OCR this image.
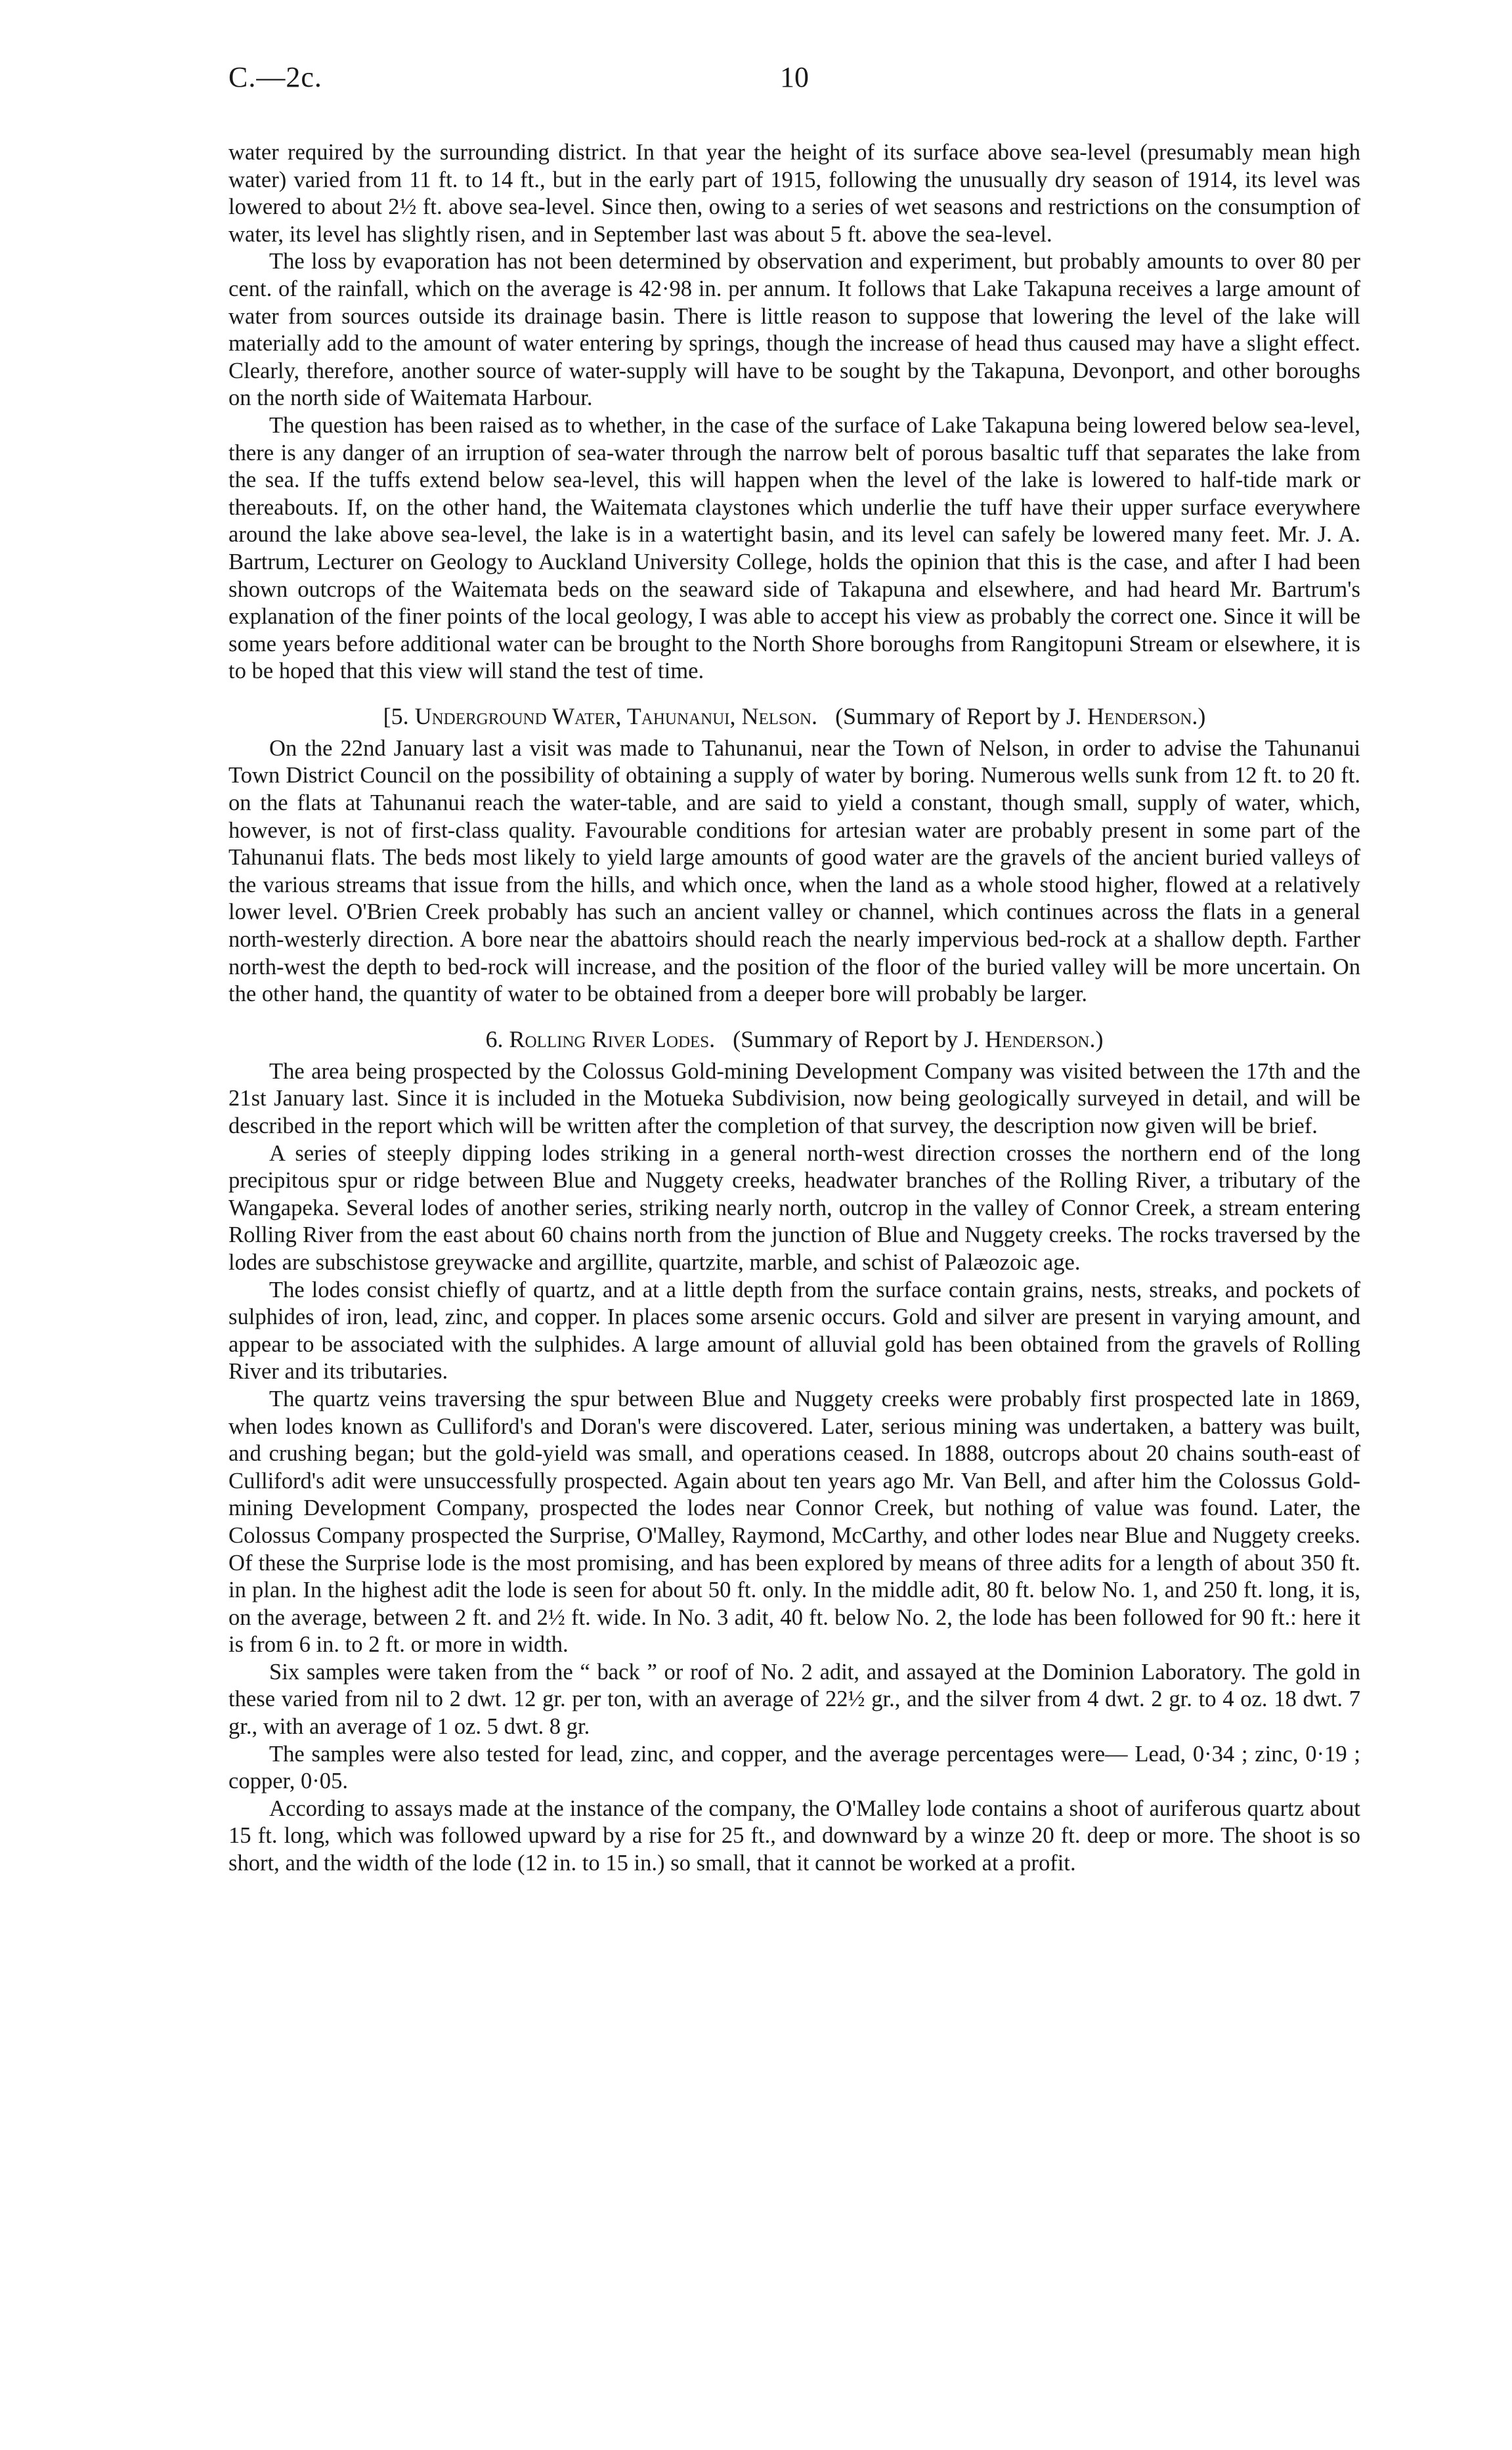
C.—2c.	10

water required by the surrounding district. In that year the height of its surface above sea-level (presumably mean high water) varied from 11 ft. to 14 ft., but in the early part of 1915, following the unusually dry season of 1914, its level was lowered to about 2½ ft. above sea-level. Since then, owing to a series of wet seasons and restrictions on the consumption of water, its level has slightly risen, and in September last was about 5 ft. above the sea-level.

The loss by evaporation has not been determined by observation and experiment, but probably amounts to over 80 per cent. of the rainfall, which on the average is 42·98 in. per annum. It follows that Lake Takapuna receives a large amount of water from sources outside its drainage basin. There is little reason to suppose that lowering the level of the lake will materially add to the amount of water entering by springs, though the increase of head thus caused may have a slight effect. Clearly, therefore, another source of water-supply will have to be sought by the Takapuna, Devonport, and other boroughs on the north side of Waitemata Harbour.

The question has been raised as to whether, in the case of the surface of Lake Takapuna being lowered below sea-level, there is any danger of an irruption of sea-water through the narrow belt of porous basaltic tuff that separates the lake from the sea. If the tuffs extend below sea-level, this will happen when the level of the lake is lowered to half-tide mark or thereabouts. If, on the other hand, the Waitemata claystones which underlie the tuff have their upper surface everywhere around the lake above sea-level, the lake is in a watertight basin, and its level can safely be lowered many feet. Mr. J. A. Bartrum, Lecturer on Geology to Auckland University College, holds the opinion that this is the case, and after I had been shown outcrops of the Waitemata beds on the seaward side of Takapuna and elsewhere, and had heard Mr. Bartrum's explanation of the finer points of the local geology, I was able to accept his view as probably the correct one. Since it will be some years before additional water can be brought to the North Shore boroughs from Rangitopuni Stream or elsewhere, it is to be hoped that this view will stand the test of time.

[5. Underground Water, Tahunanui, Nelson. (Summary of Report by J. Henderson.)

On the 22nd January last a visit was made to Tahunanui, near the Town of Nelson, in order to advise the Tahunanui Town District Council on the possibility of obtaining a supply of water by boring. Numerous wells sunk from 12 ft. to 20 ft. on the flats at Tahunanui reach the water-table, and are said to yield a constant, though small, supply of water, which, however, is not of first-class quality. Favourable conditions for artesian water are probably present in some part of the Tahunanui flats. The beds most likely to yield large amounts of good water are the gravels of the ancient buried valleys of the various streams that issue from the hills, and which once, when the land as a whole stood higher, flowed at a relatively lower level. O'Brien Creek probably has such an ancient valley or channel, which continues across the flats in a general north-westerly direction. A bore near the abattoirs should reach the nearly impervious bed-rock at a shallow depth. Farther north-west the depth to bed-rock will increase, and the position of the floor of the buried valley will be more uncertain. On the other hand, the quantity of water to be obtained from a deeper bore will probably be larger.

6. Rolling River Lodes. (Summary of Report by J. Henderson.)

The area being prospected by the Colossus Gold-mining Development Company was visited between the 17th and the 21st January last. Since it is included in the Motueka Subdivision, now being geologically surveyed in detail, and will be described in the report which will be written after the completion of that survey, the description now given will be brief.

A series of steeply dipping lodes striking in a general north-west direction crosses the northern end of the long precipitous spur or ridge between Blue and Nuggety creeks, headwater branches of the Rolling River, a tributary of the Wangapeka. Several lodes of another series, striking nearly north, outcrop in the valley of Connor Creek, a stream entering Rolling River from the east about 60 chains north from the junction of Blue and Nuggety creeks. The rocks traversed by the lodes are subschistose greywacke and argillite, quartzite, marble, and schist of Palæozoic age.

The lodes consist chiefly of quartz, and at a little depth from the surface contain grains, nests, streaks, and pockets of sulphides of iron, lead, zinc, and copper. In places some arsenic occurs. Gold and silver are present in varying amount, and appear to be associated with the sulphides. A large amount of alluvial gold has been obtained from the gravels of Rolling River and its tributaries.

The quartz veins traversing the spur between Blue and Nuggety creeks were probably first prospected late in 1869, when lodes known as Culliford's and Doran's were discovered. Later, serious mining was undertaken, a battery was built, and crushing began; but the gold-yield was small, and operations ceased. In 1888, outcrops about 20 chains south-east of Culliford's adit were unsuccessfully prospected. Again about ten years ago Mr. Van Bell, and after him the Colossus Gold-mining Development Company, prospected the lodes near Connor Creek, but nothing of value was found. Later, the Colossus Company prospected the Surprise, O'Malley, Raymond, McCarthy, and other lodes near Blue and Nuggety creeks. Of these the Surprise lode is the most promising, and has been explored by means of three adits for a length of about 350 ft. in plan. In the highest adit the lode is seen for about 50 ft. only. In the middle adit, 80 ft. below No. 1, and 250 ft. long, it is, on the average, between 2 ft. and 2½ ft. wide. In No. 3 adit, 40 ft. below No. 2, the lode has been followed for 90 ft.: here it is from 6 in. to 2 ft. or more in width.

Six samples were taken from the “ back ” or roof of No. 2 adit, and assayed at the Dominion Laboratory. The gold in these varied from nil to 2 dwt. 12 gr. per ton, with an average of 22½ gr., and the silver from 4 dwt. 2 gr. to 4 oz. 18 dwt. 7 gr., with an average of 1 oz. 5 dwt. 8 gr.

The samples were also tested for lead, zinc, and copper, and the average percentages were— Lead, 0·34 ; zinc, 0·19 ; copper, 0·05.

According to assays made at the instance of the company, the O'Malley lode contains a shoot of auriferous quartz about 15 ft. long, which was followed upward by a rise for 25 ft., and downward by a winze 20 ft. deep or more. The shoot is so short, and the width of the lode (12 in. to 15 in.) so small, that it cannot be worked at a profit.
